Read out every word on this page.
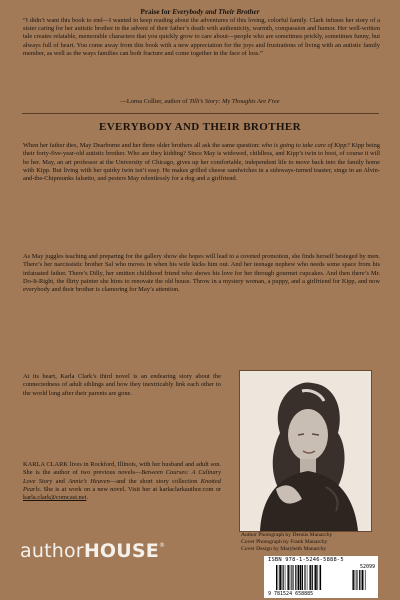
Praise for Everybody and Their Brother
“I didn’t want this book to end—I wanted to keep reading about the adventures of this loving, colorful family. Clark infuses her story of a sister caring for her autistic brother in the advent of their father’s death with authenticity, warmth, compassion and humor. Her well-written tale creates relatable, memorable characters that you quickly grow to care about—people who are sometimes prickly, sometimes funny, but always full of heart. You come away from this book with a new appreciation for the joys and frustrations of living with an autistic family member, as well as the ways families can both fracture and come together in the face of loss.”
—Lorna Collier, author of Tilli’s Story: My Thoughts Are Free
EVERYBODY AND THEIR BROTHER
When her father dies, May Dearborne and her three older brothers all ask the same question: who is going to take care of Kipp? Kipp being their forty-five-year-old autistic brother. Who are they kidding? Since May is widowed, childless, and Kipp’s twin to boot, of course it will be her. May, an art professor at the University of Chicago, gives up her comfortable, independent life to move back into the family home with Kipp. But living with her quirky twin isn’t easy. He makes grilled cheese sandwiches in a sideways-turned toaster, sings in an Alvin-and-the-Chipmunks falsetto, and pesters May relentlessly for a dog and a girlfriend.
As May juggles teaching and preparing for the gallery show she hopes will lead to a coveted promotion, she finds herself besieged by men. There’s her narcissistic brother Sal who moves in when his wife kicks him out. And her teenage nephew who needs some space from his infatuated father. There’s Dilly, her smitten childhood friend who shows his love for her through gourmet cupcakes. And then there’s Mr. Do-It-Right, the flirty painter she hires to renovate the old house. Throw in a mystery woman, a puppy, and a girlfriend for Kipp, and now everybody and their brother is clamoring for May’s attention.
At its heart, Karla Clark’s third novel is an endearing story about the connectedness of adult siblings and how they inextricably link each other to the world long after their parents are gone.
KARLA CLARK lives in Rockford, Illinois, with her husband and adult son. She is the author of two previous novels—Between Courses: A Culinary Love Story and Annie’s Heaven—and the short story collection Knotted Pearls. She is at work on a new novel. Visit her at karlaclarkauthor.com or karla.clark@comcast.net.
Author Photograph by Dennis Manarchy
Cover Photograph by Frank Manarchy
Cover Design by Marybeth Manarchy
authorHOUSE®
ISBN 978-1-5246-5888-5
52099
9 781524 658885
